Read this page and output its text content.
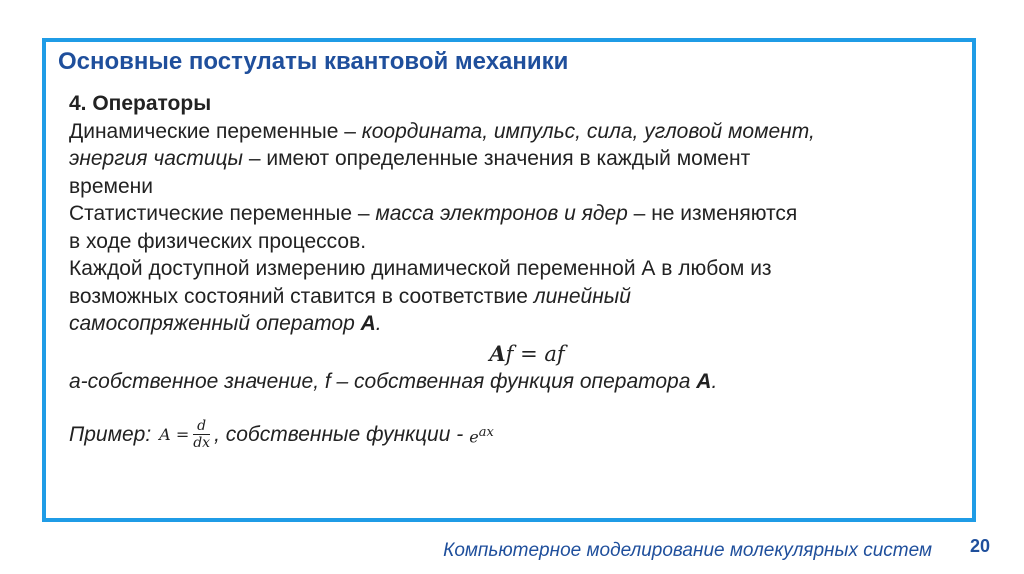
Основные постулаты квантовой механики
4. Операторы
Динамические переменные – координата, импульс, сила, угловой момент,
энергия частицы – имеют определенные значения в каждый момент
времени
Статистические переменные – масса электронов и ядер – не изменяются
в ходе физических процессов.
Каждой доступной измерению динамической переменной А в любом из
возможных состояний ставится в соответствие линейный
самосопряженный оператор A.
Af = af
а-собственное значение, f – собственная функция оператора A.
Пример: $A = \frac{d}{dx}$ , собственные функции - $e^{ax}$
Компьютерное моделирование молекулярных систем 20
